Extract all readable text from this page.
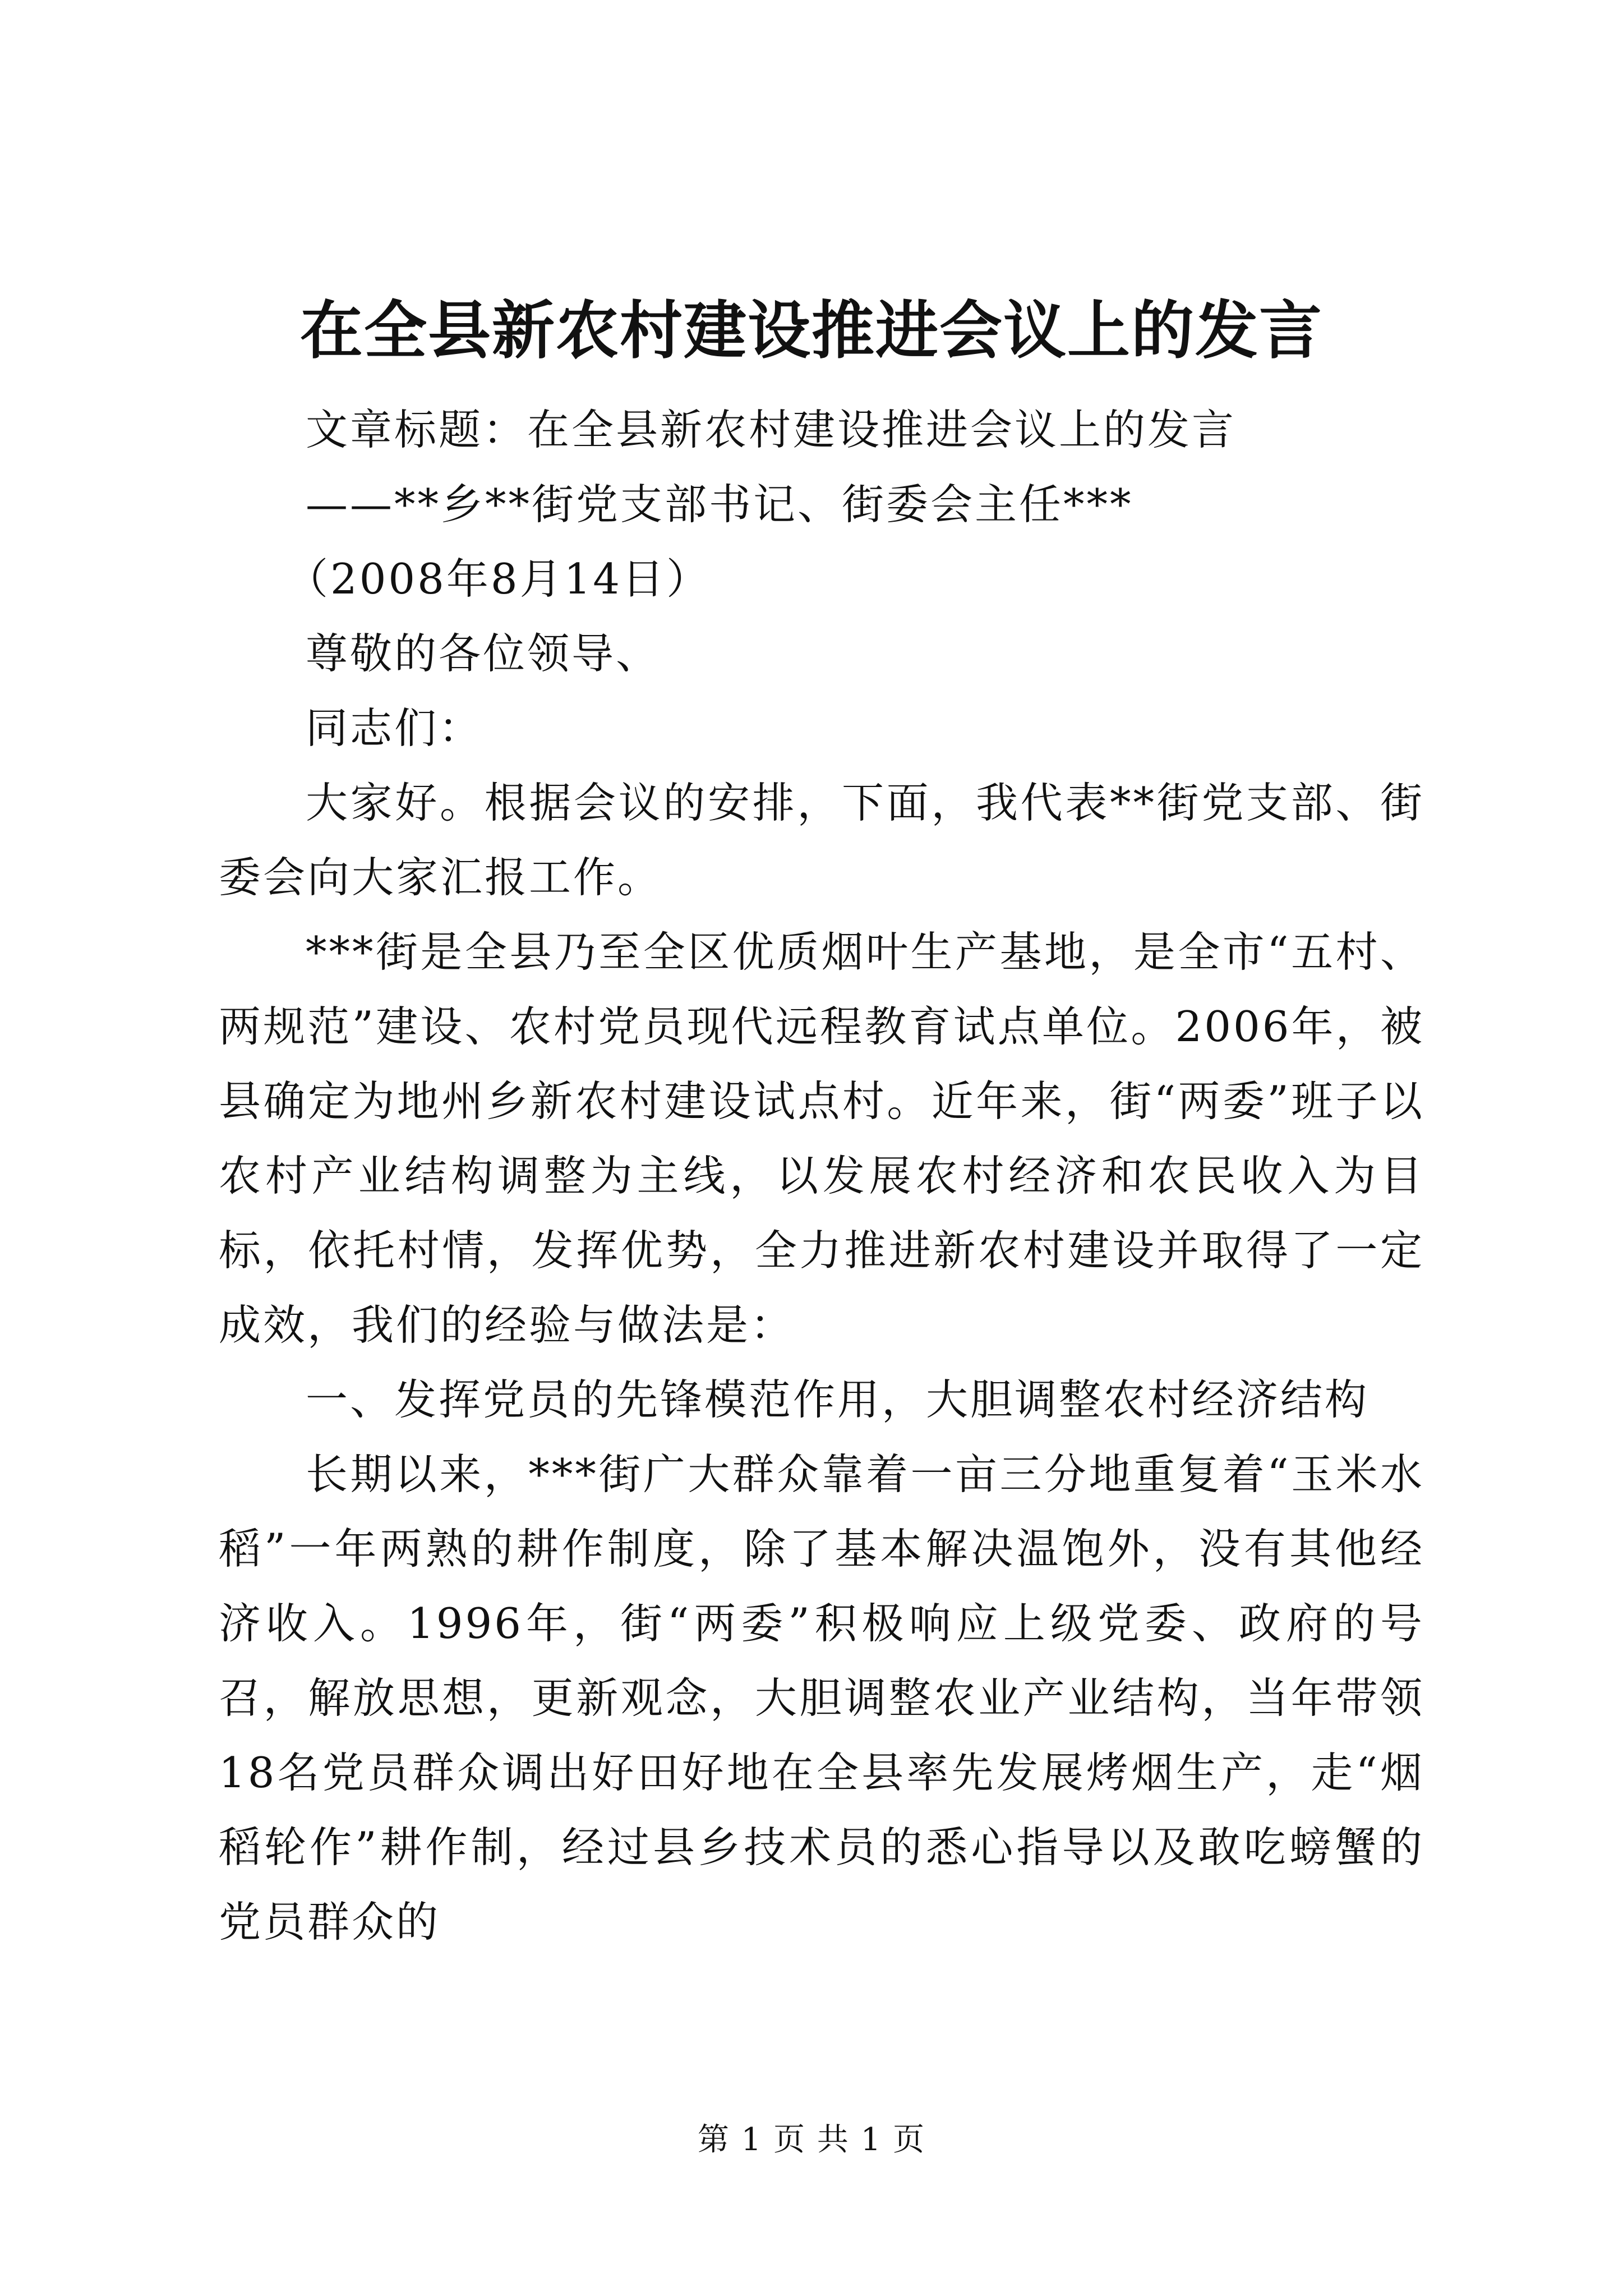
在全县新农村建设推进会议上的发言

文章标题：在全县新农村建设推进会议上的发言

——**乡**街党支部书记、街委会主任***

（2008年8月14日）

尊敬的各位领导、

同志们：

大家好。根据会议的安排，下面，我代表**街党支部、街委会向大家汇报工作。

***街是全县乃至全区优质烟叶生产基地，是全市“五村、两规范”建设、农村党员现代远程教育试点单位。2006年，被县确定为地州乡新农村建设试点村。近年来，街“两委”班子以农村产业结构调整为主线，以发展农村经济和农民收入为目标，依托村情，发挥优势，全力推进新农村建设并取得了一定成效，我们的经验与做法是：

一、发挥党员的先锋模范作用，大胆调整农村经济结构

长期以来，***街广大群众靠着一亩三分地重复着“玉米水稻”一年两熟的耕作制度，除了基本解决温饱外，没有其他经济收入。1996年，街“两委”积极响应上级党委、政府的号召，解放思想，更新观念，大胆调整农业产业结构，当年带领18名党员群众调出好田好地在全县率先发展烤烟生产，走“烟稻轮作”耕作制，经过县乡技术员的悉心指导以及敢吃螃蟹的党员群众的

第 1 页 共 1 页
